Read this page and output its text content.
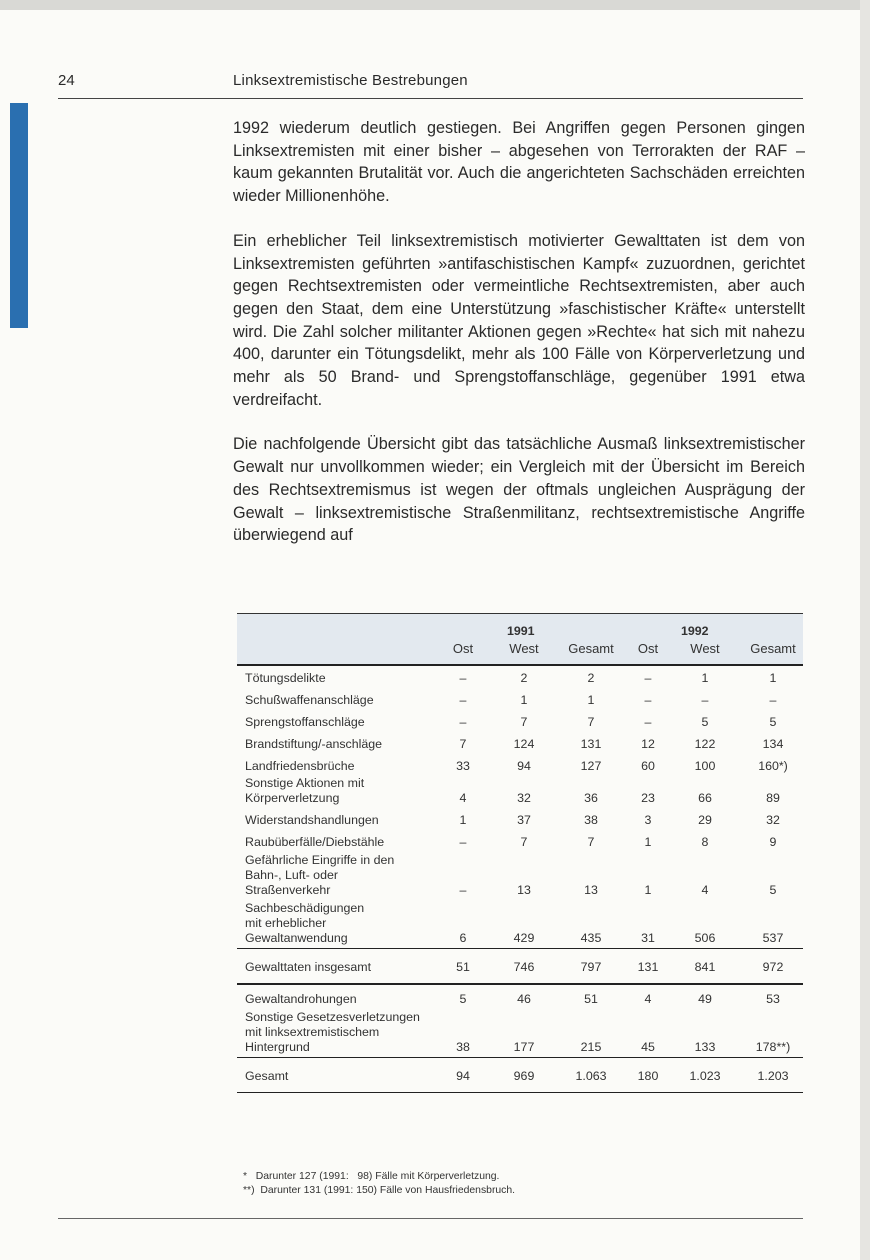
24	Linksextremistische Bestrebungen

1992 wiederum deutlich gestiegen. Bei Angriffen gegen Personen gingen Linksextremisten mit einer bisher – abgesehen von Terrorakten der RAF – kaum gekannten Brutalität vor. Auch die angerichteten Sachschäden erreichten wieder Millionenhöhe.

Ein erheblicher Teil linksextremistisch motivierter Gewalttaten ist dem von Linksextremisten geführten »antifaschistischen Kampf« zuzuordnen, gerichtet gegen Rechtsextremisten oder vermeintliche Rechtsextremisten, aber auch gegen den Staat, dem eine Unterstützung »faschistischer Kräfte« unterstellt wird. Die Zahl solcher militanter Aktionen gegen »Rechte« hat sich mit nahezu 400, darunter ein Tötungsdelikt, mehr als 100 Fälle von Körperverletzung und mehr als 50 Brand- und Sprengstoffanschläge, gegenüber 1991 etwa verdreifacht.

Die nachfolgende Übersicht gibt das tatsächliche Ausmaß linksextremistischer Gewalt nur unvollkommen wieder; ein Vergleich mit der Übersicht im Bereich des Rechtsextremismus ist wegen der oftmals ungleichen Ausprägung der Gewalt – linksextremistische Straßenmilitanz, rechtsextremistische Angriffe überwiegend auf

1991	1992
Ost	West	Gesamt	Ost	West	Gesamt
Tötungsdelikte	–	2	2	–	1	1
Schußwaffenanschläge	–	1	1	–	–	–
Sprengstoffanschläge	–	7	7	–	5	5
Brandstiftung/-anschläge	7	124	131	12	122	134
Landfriedensbrüche	33	94	127	60	100	160*)
Sonstige Aktionen mit
Körperverletzung	4	32	36	23	66	89
Widerstandshandlungen	1	37	38	3	29	32
Raubüberfälle/Diebstähle	–	7	7	1	8	9
Gefährliche Eingriffe in den
Bahn-, Luft- oder
Straßenverkehr	–	13	13	1	4	5
Sachbeschädigungen
mit erheblicher
Gewaltanwendung	6	429	435	31	506	537
Gewalttaten insgesamt	51	746	797	131	841	972
Gewaltandrohungen	5	46	51	4	49	53
Sonstige Gesetzesverletzungen
mit linksextremistischem
Hintergrund	38	177	215	45	133	178**)
Gesamt	94	969	1.063	180	1.023	1.203
*   Darunter 127 (1991:   98) Fälle mit Körperverletzung.
**)  Darunter 131 (1991: 150) Fälle von Hausfriedensbruch.
